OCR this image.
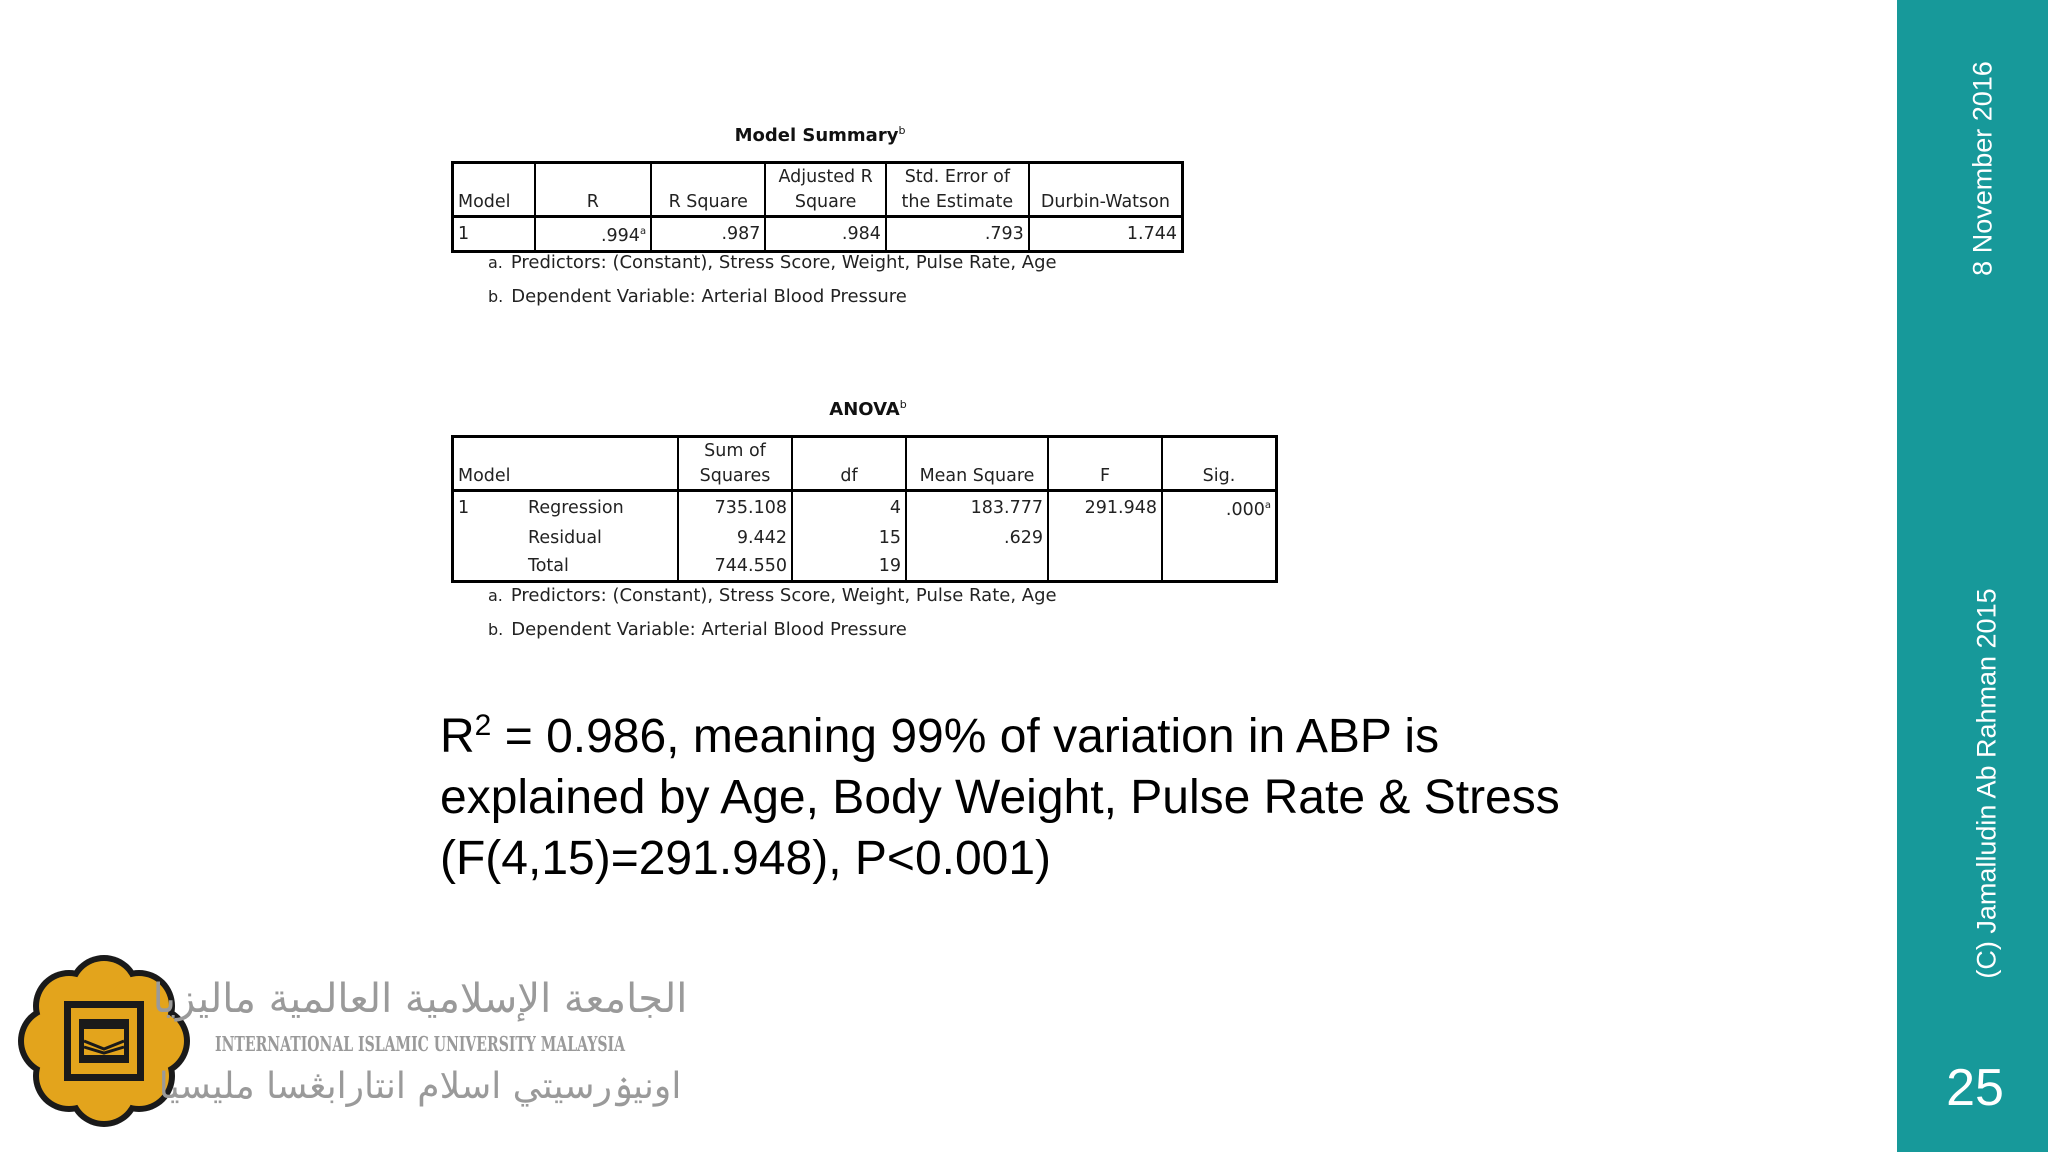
Model Summary$^b$
Model	R	R Square	Adjusted R Square	Std. Error of the Estimate	Durbin-Watson
1	.994$^a$	.987	.984	.793	1.744
a. Predictors: (Constant), Stress Score, Weight, Pulse Rate, Age
b. Dependent Variable: Arterial Blood Pressure
ANOVA$^b$
Model		Sum of Squares	df	Mean Square	F	Sig.
1	Regression	735.108	4	183.777	291.948	.000$^a$
	Residual	9.442	15	.629		
	Total	744.550	19			
a. Predictors: (Constant), Stress Score, Weight, Pulse Rate, Age
b. Dependent Variable: Arterial Blood Pressure
$R^2 = 0.986$, meaning 99% of variation in ABP is explained by Age, Body Weight, Pulse Rate & Stress (F(4,15)=291.948), P<0.001)
الجامعة الإسلامية العالمية ماليزيا
INTERNATIONAL ISLAMIC UNIVERSITY MALAYSIA
اونيۏرسيتي اسلام انتارابڠسا مليسيا
8 November 2016
(C) Jamalludin Ab Rahman 2015
25
